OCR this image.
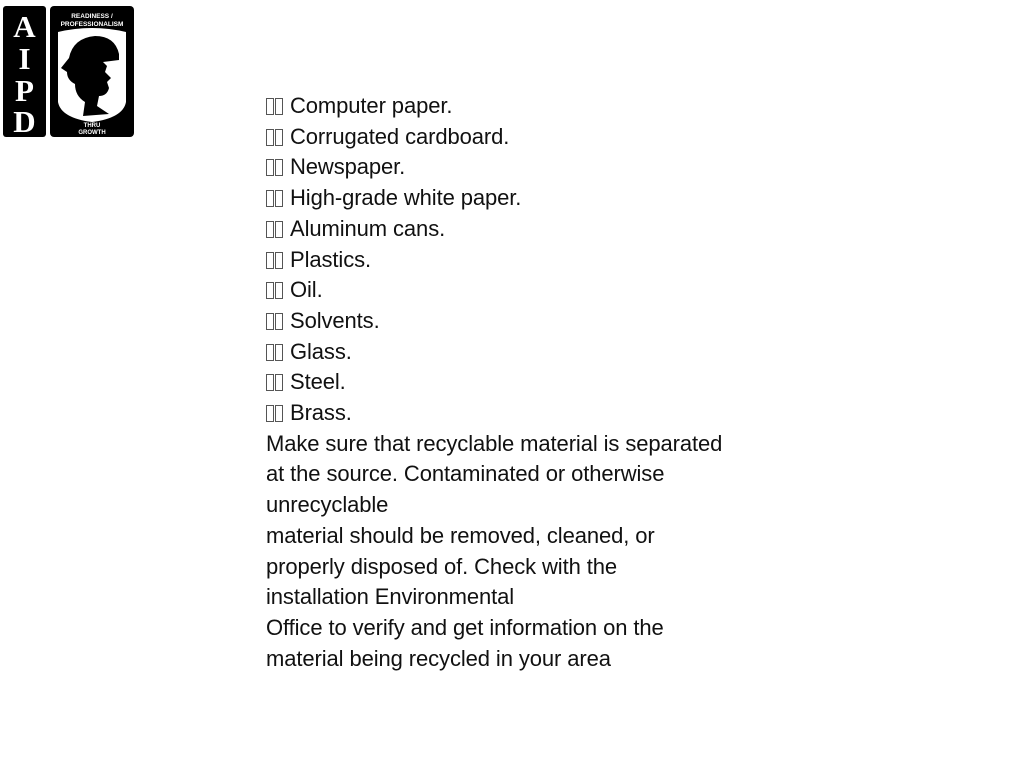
A
I
P
D
READINESS /
PROFESSIONALISM
THRU
GROWTH
Computer paper.
Corrugated cardboard.
Newspaper.
High-grade white paper.
Aluminum cans.
Plastics.
Oil.
Solvents.
Glass.
Steel.
Brass.
Make sure that recyclable material is separated
at the source. Contaminated or otherwise
unrecyclable
material should be removed, cleaned, or
properly disposed of. Check with the
installation Environmental
Office to verify and get information on the
material being recycled in your area
